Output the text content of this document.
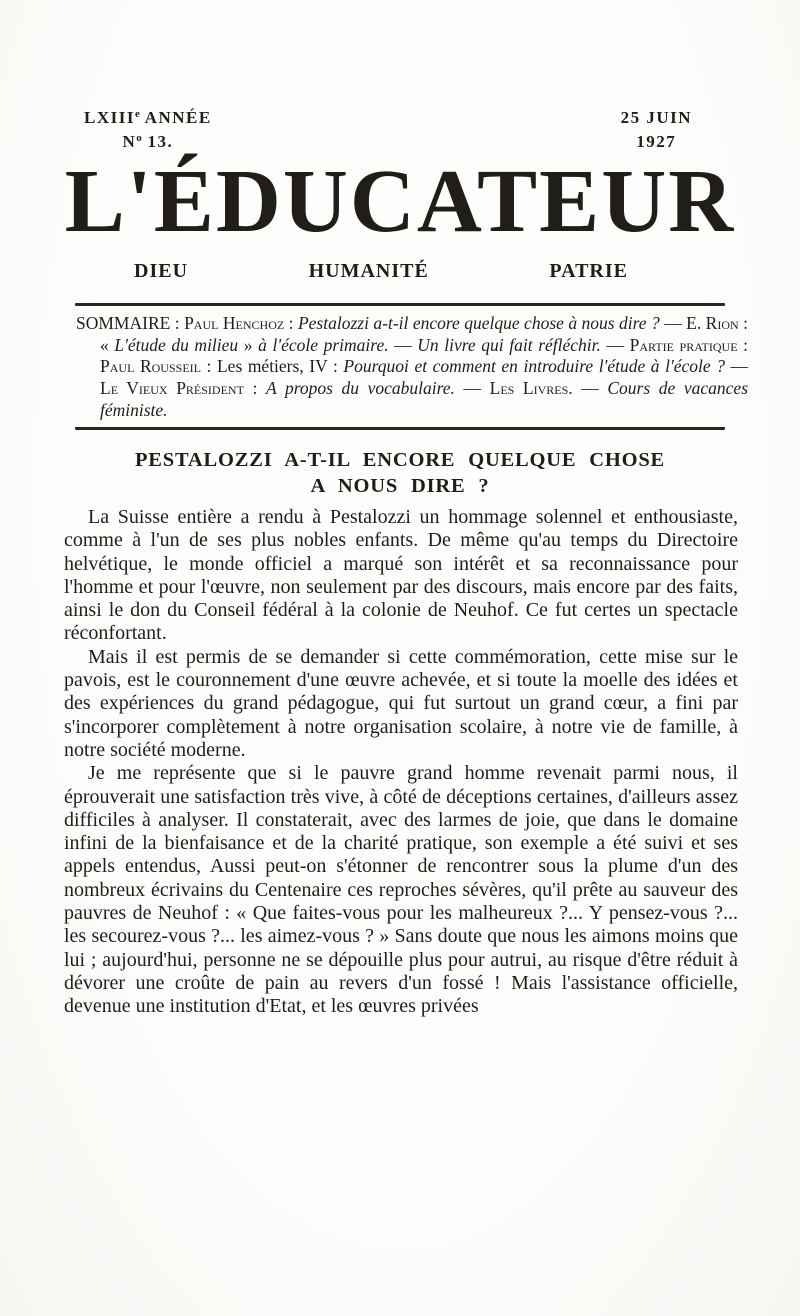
LXIIIe ANNÉE
$N^o$ 13.
25 JUIN
1927
L'ÉDUCATEUR
DIEU	HUMANITÉ	PATRIE

SOMMAIRE : Paul Henchoz : Pestalozzi a-t-il encore quelque chose à nous dire ? — E. Rion : « L'étude du milieu » à l'école primaire. — Un livre qui fait réfléchir. — Partie pratique : Paul Rousseil : Les métiers, IV : Pourquoi et comment en introduire l'étude à l'école ? — Le Vieux Président : A propos du vocabulaire. — Les Livres. — Cours de vacances féministe.

PESTALOZZI A-T-IL ENCORE QUELQUE CHOSE
A NOUS DIRE ?

La Suisse entière a rendu à Pestalozzi un hommage solennel et enthousiaste, comme à l'un de ses plus nobles enfants. De même qu'au temps du Directoire helvétique, le monde officiel a marqué son intérêt et sa reconnaissance pour l'homme et pour l'œuvre, non seulement par des discours, mais encore par des faits, ainsi le don du Conseil fédéral à la colonie de Neuhof. Ce fut certes un spectacle réconfortant.

Mais il est permis de se demander si cette commémoration, cette mise sur le pavois, est le couronnement d'une œuvre achevée, et si toute la moelle des idées et des expériences du grand pédagogue, qui fut surtout un grand cœur, a fini par s'incorporer complètement à notre organisation scolaire, à notre vie de famille, à notre société moderne.

Je me représente que si le pauvre grand homme revenait parmi nous, il éprouverait une satisfaction très vive, à côté de déceptions certaines, d'ailleurs assez difficiles à analyser. Il constaterait, avec des larmes de joie, que dans le domaine infini de la bienfaisance et de la charité pratique, son exemple a été suivi et ses appels entendus, Aussi peut-on s'étonner de rencontrer sous la plume d'un des nombreux écrivains du Centenaire ces reproches sévères, qu'il prête au sauveur des pauvres de Neuhof : « Que faites-vous pour les malheureux ?... Y pensez-vous ?... les secourez-vous ?... les aimez-vous ? » Sans doute que nous les aimons moins que lui ; aujourd'hui, personne ne se dépouille plus pour autrui, au risque d'être réduit à dévorer une croûte de pain au revers d'un fossé ! Mais l'assistance officielle, devenue une institution d'Etat, et les œuvres privées
